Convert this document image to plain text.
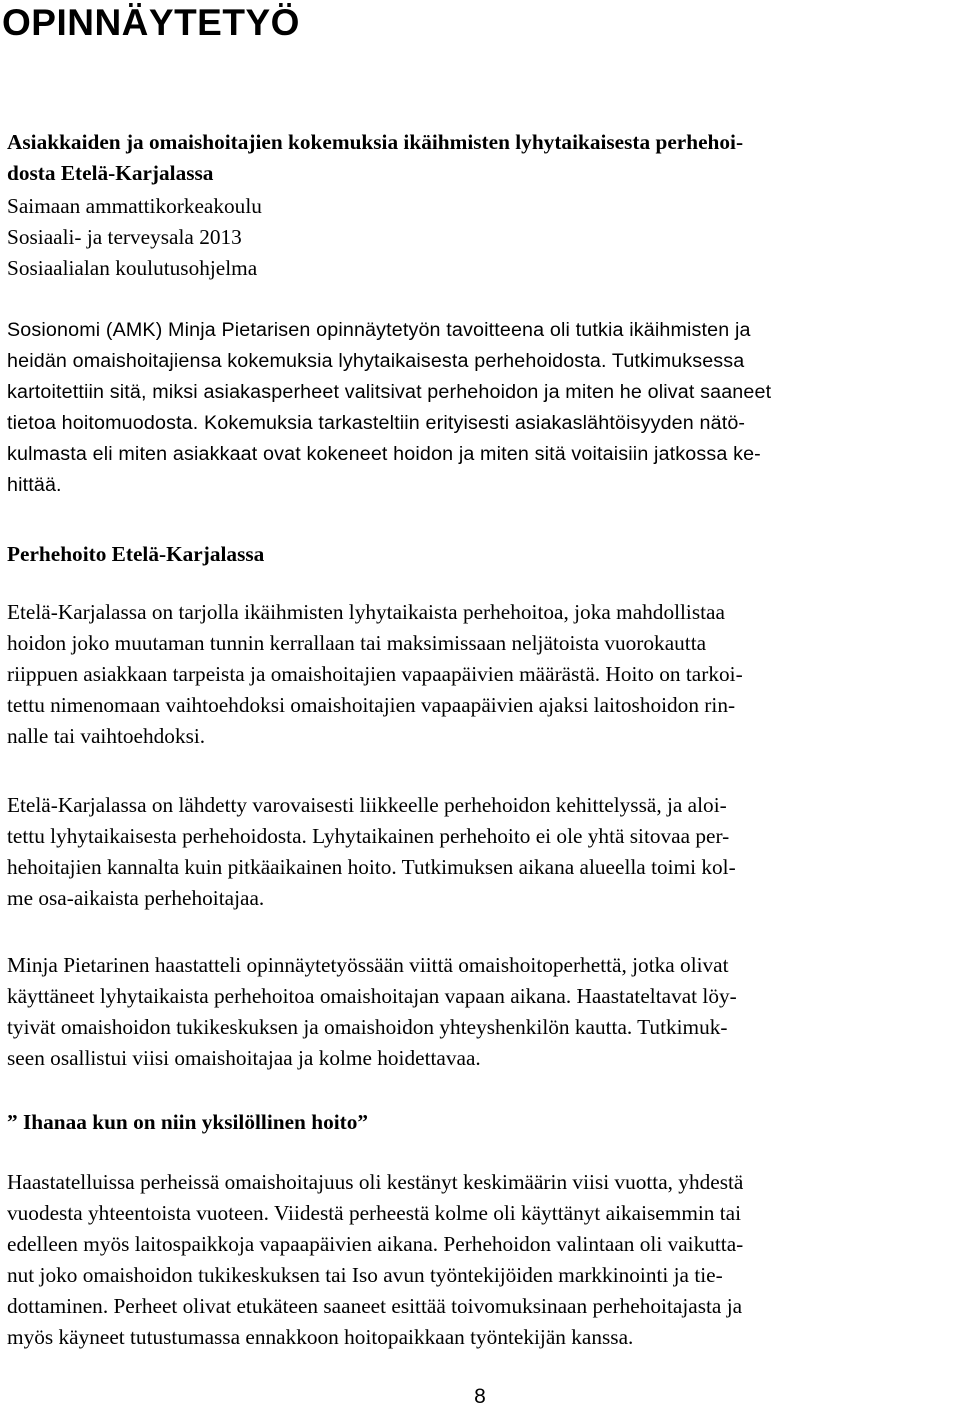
OPINNÄYTETYÖ
Asiakkaiden ja omaishoitajien kokemuksia ikäihmisten lyhytaikaisesta perhehoi-
dosta Etelä-Karjalassa
Saimaan ammattikorkeakoulu
Sosiaali- ja terveysala 2013
Sosiaalialan koulutusohjelma
Sosionomi (AMK) Minja Pietarisen opinnäytetyön tavoitteena oli tutkia ikäihmisten ja
heidän omaishoitajiensa kokemuksia lyhytaikaisesta perhehoidosta. Tutkimuksessa
kartoitettiin sitä, miksi asiakasperheet valitsivat perhehoidon ja miten he olivat saaneet
tietoa hoitomuodosta. Kokemuksia tarkasteltiin erityisesti asiakaslähtöisyyden nätö-
kulmasta eli miten asiakkaat ovat kokeneet hoidon ja miten sitä voitaisiin jatkossa ke-
hittää.
Perhehoito Etelä-Karjalassa
Etelä-Karjalassa on tarjolla ikäihmisten lyhytaikaista perhehoitoa, joka mahdollistaa
hoidon joko muutaman tunnin kerrallaan tai maksimissaan neljätoista vuorokautta
riippuen asiakkaan tarpeista ja omaishoitajien vapaapäivien määrästä. Hoito on tarkoi-
tettu nimenomaan vaihtoehdoksi omaishoitajien vapaapäivien ajaksi laitoshoidon rin-
nalle tai vaihtoehdoksi.
Etelä-Karjalassa on lähdetty varovaisesti liikkeelle perhehoidon kehittelyssä, ja aloi-
tettu lyhytaikaisesta perhehoidosta. Lyhytaikainen perhehoito ei ole yhtä sitovaa per-
hehoitajien kannalta kuin pitkäaikainen hoito. Tutkimuksen aikana alueella toimi kol-
me osa-aikaista perhehoitajaa.
Minja Pietarinen haastatteli opinnäytetyössään viittä omaishoitoperhettä, jotka olivat
käyttäneet lyhytaikaista perhehoitoa omaishoitajan vapaan aikana. Haastateltavat löy-
tyivät omaishoidon tukikeskuksen ja omaishoidon yhteyshenkilön kautta. Tutkimuk-
seen osallistui viisi omaishoitajaa ja kolme hoidettavaa.
” Ihanaa kun on niin yksilöllinen hoito”
Haastatelluissa perheissä omaishoitajuus oli kestänyt keskimäärin viisi vuotta, yhdestä
vuodesta yhteentoista vuoteen. Viidestä perheestä kolme oli käyttänyt aikaisemmin tai
edelleen myös laitospaikkoja vapaapäivien aikana. Perhehoidon valintaan oli vaikutta-
nut joko omaishoidon tukikeskuksen tai Iso avun työntekijöiden markkinointi ja tie-
dottaminen. Perheet olivat etukäteen saaneet esittää toivomuksinaan perhehoitajasta ja
myös käyneet tutustumassa ennakkoon hoitopaikkaan työntekijän kanssa.

8
